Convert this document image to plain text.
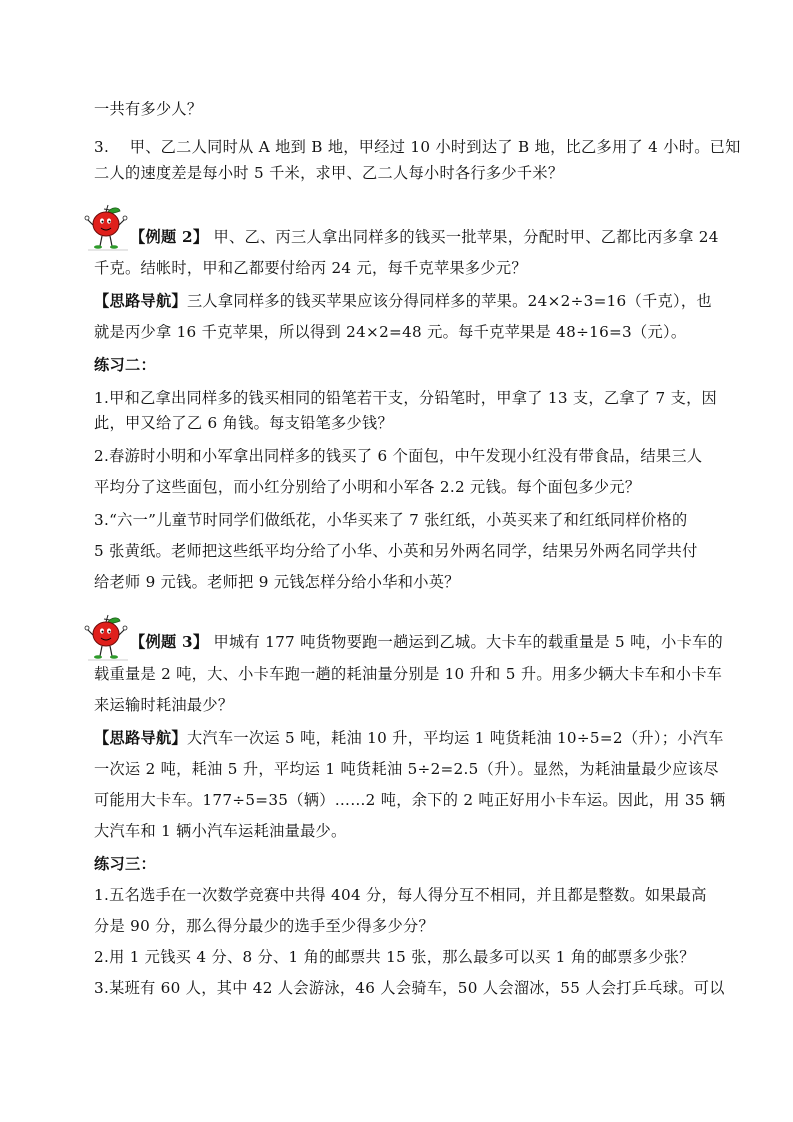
一共有多少人？
3.　 甲、乙二人同时从 A 地到 B 地，甲经过 10 小时到达了 B 地，比乙多用了 4 小时。已知
二人的速度差是每小时 5 千米，求甲、乙二人每小时各行多少千米？
【例题 2】 甲、乙、丙三人拿出同样多的钱买一批苹果，分配时甲、乙都比丙多拿 24
千克。结帐时，甲和乙都要付给丙 24 元，每千克苹果多少元？
【思路导航】三人拿同样多的钱买苹果应该分得同样多的苹果。24×2÷3=16（千克），也
就是丙少拿 16 千克苹果，所以得到 24×2=48 元。每千克苹果是 48÷16=3（元）。
练习二：
1.甲和乙拿出同样多的钱买相同的铅笔若干支，分铅笔时，甲拿了 13 支，乙拿了 7 支，因
此，甲又给了乙 6 角钱。每支铅笔多少钱？
2.春游时小明和小军拿出同样多的钱买了 6 个面包，中午发现小红没有带食品，结果三人
平均分了这些面包，而小红分别给了小明和小军各 2.2 元钱。每个面包多少元？
3.“六一”儿童节时同学们做纸花，小华买来了 7 张红纸，小英买来了和红纸同样价格的
5 张黄纸。老师把这些纸平均分给了小华、小英和另外两名同学，结果另外两名同学共付
给老师 9 元钱。老师把 9 元钱怎样分给小华和小英？
【例题 3】 甲城有 177 吨货物要跑一趟运到乙城。大卡车的载重量是 5 吨，小卡车的
载重量是 2 吨，大、小卡车跑一趟的耗油量分别是 10 升和 5 升。用多少辆大卡车和小卡车
来运输时耗油最少？
【思路导航】大汽车一次运 5 吨，耗油 10 升，平均运 1 吨货耗油 10÷5=2（升）；小汽车
一次运 2 吨，耗油 5 升，平均运 1 吨货耗油 5÷2=2.5（升）。显然，为耗油量最少应该尽
可能用大卡车。177÷5=35（辆）……2 吨，余下的 2 吨正好用小卡车运。因此，用 35 辆
大汽车和 1 辆小汽车运耗油量最少。
练习三：
1.五名选手在一次数学竞赛中共得 404 分，每人得分互不相同，并且都是整数。如果最高
分是 90 分，那么得分最少的选手至少得多少分？
2.用 1 元钱买 4 分、8 分、1 角的邮票共 15 张，那么最多可以买 1 角的邮票多少张？
3.某班有 60 人，其中 42 人会游泳，46 人会骑车，50 人会溜冰，55 人会打乒乓球。可以
